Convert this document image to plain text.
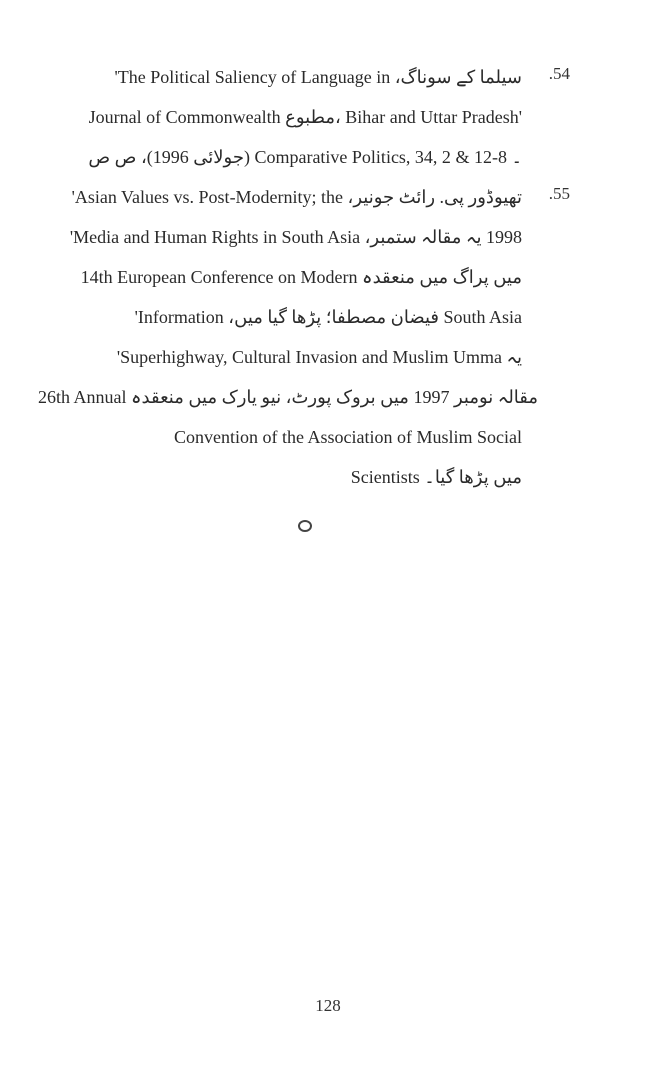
.54
'The Political Saliency of Language in ،سیلما کے سوناگ
Journal of Commonwealth مطبوع، Bihar and Uttar Pradesh'
۔ 8-12 & Comparative Politics, 34, 2 (جولائی 1996)، ص ص
.55
'Asian Values vs. Post-Modernity; the ،تھیوڈور پی. رائٹ جونیر
1998 یہ مقالہ ستمبر، Media and Human Rights in South Asia'
14th European Conference on Modern میں پراگ میں منعقدہ
'Information ،فیضان مصطفا؛ پڑھا گیا میں South Asia
یہ Superhighway, Cultural Invasion and Muslim Umma'
26th Annual مقالہ نومبر 1997 میں بروک پورٹ، نیو یارک میں منعقدہ
Convention of the Association of Muslim Social
Scientists میں پڑھا گیا۔
128
